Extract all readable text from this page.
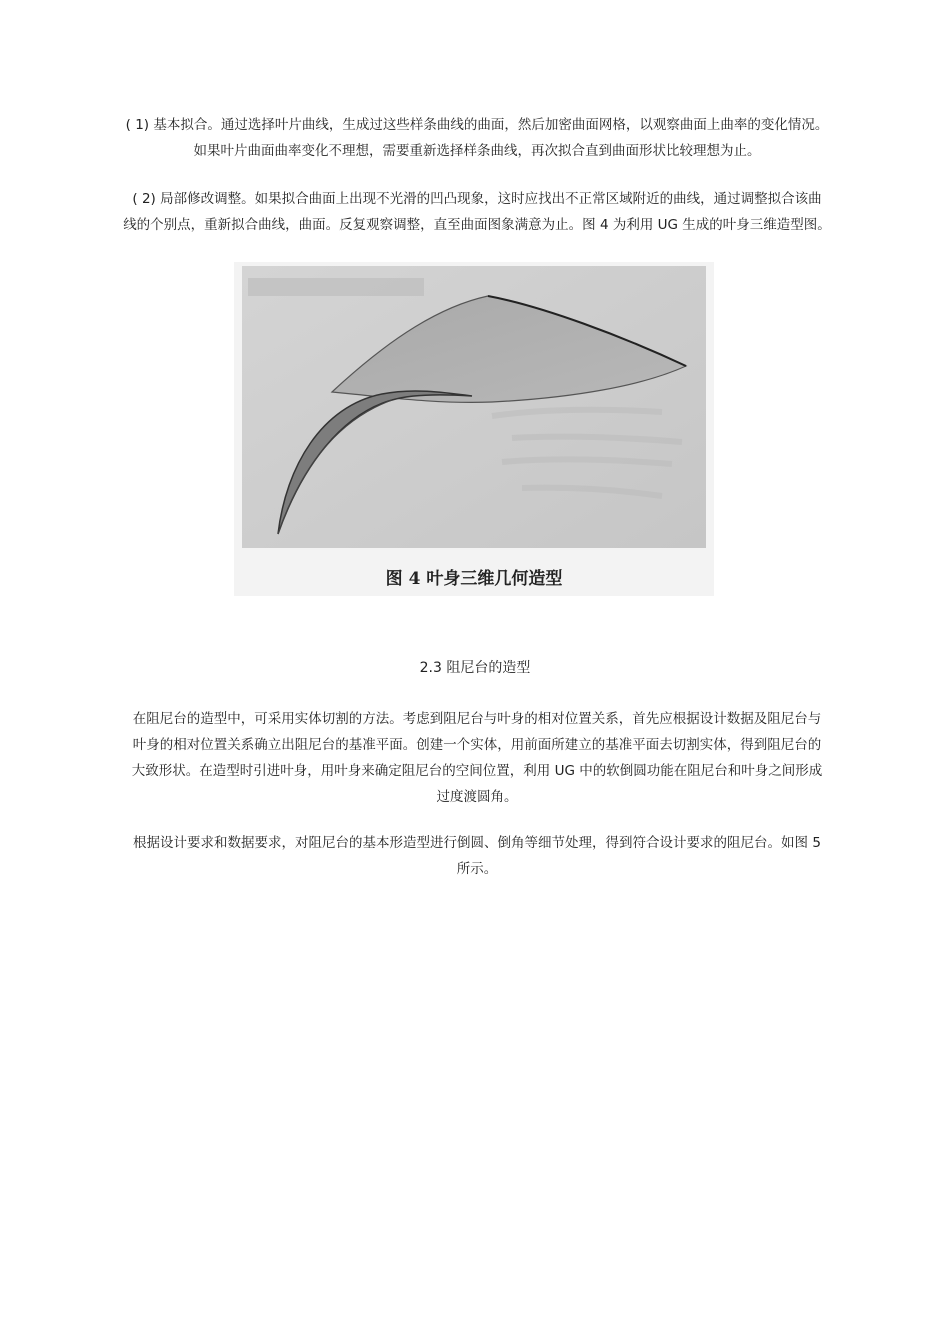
( 1) 基本拟合。通过选择叶片曲线，生成过这些样条曲线的曲面，然后加密曲面网格，以观察曲面上曲率的变化情况。
如果叶片曲面曲率变化不理想，需要重新选择样条曲线，再次拟合直到曲面形状比较理想为止。
( 2) 局部修改调整。如果拟合曲面上出现不光滑的凹凸现象，这时应找出不正常区域附近的曲线，通过调整拟合该曲
线的个别点，重新拟合曲线，曲面。反复观察调整，直至曲面图象满意为止。图 4 为利用 UG 生成的叶身三维造型图。

图 4 叶身三维几何造型

2.3 阻尼台的造型
在阻尼台的造型中，可采用实体切割的方法。考虑到阻尼台与叶身的相对位置关系，首先应根据设计数据及阻尼台与
叶身的相对位置关系确立出阻尼台的基准平面。创建一个实体，用前面所建立的基准平面去切割实体，得到阻尼台的
大致形状。在造型时引进叶身，用叶身来确定阻尼台的空间位置，利用 UG 中的软倒圆功能在阻尼台和叶身之间形成
过度渡圆角。
根据设计要求和数据要求，对阻尼台的基本形造型进行倒圆、倒角等细节处理，得到符合设计要求的阻尼台。如图 5
所示。
